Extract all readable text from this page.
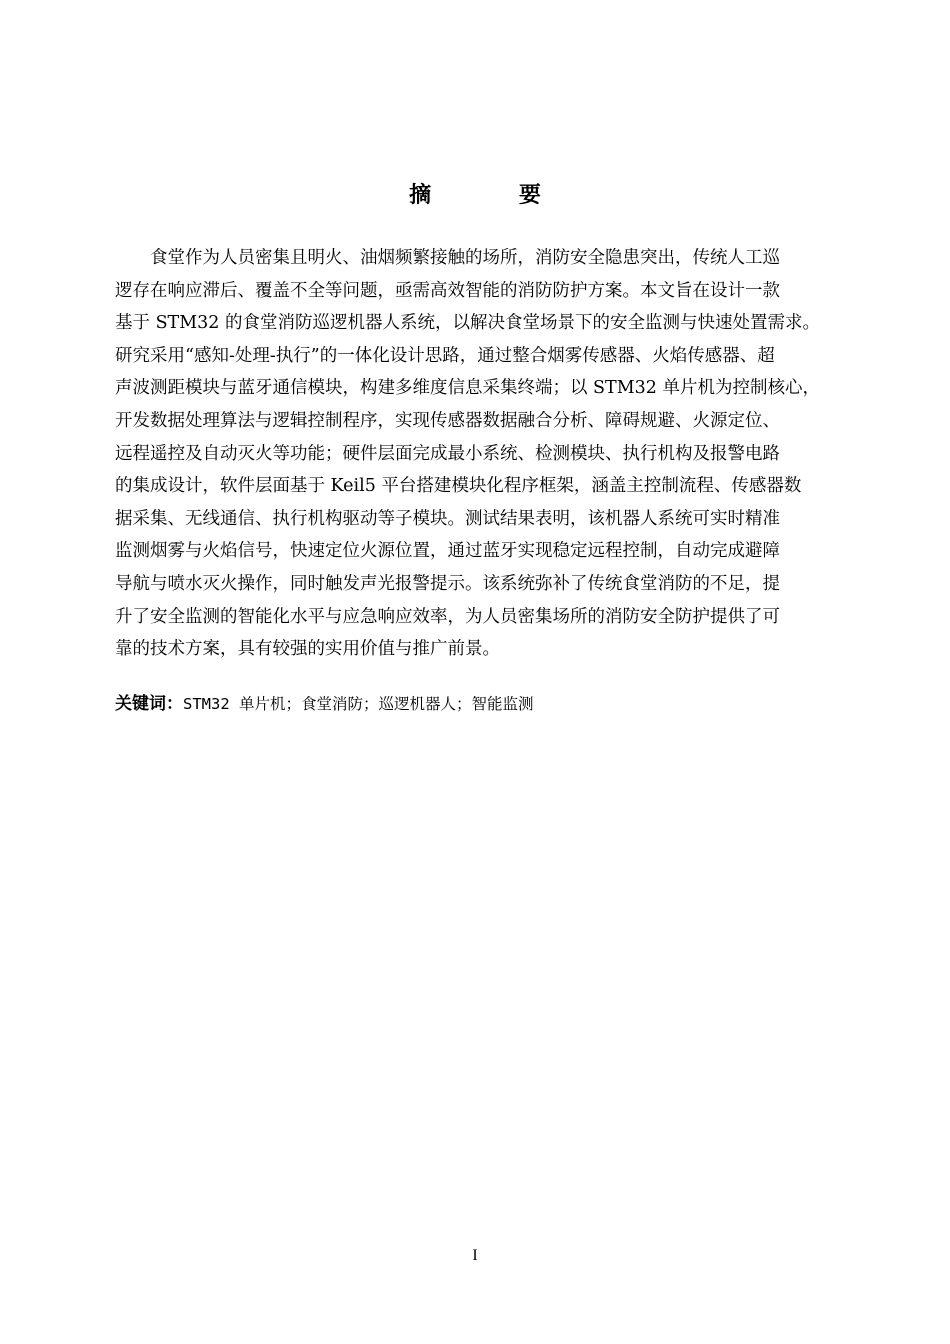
摘 要
食堂作为人员密集且明火、油烟频繁接触的场所，消防安全隐患突出，传统人工巡
逻存在响应滞后、覆盖不全等问题，亟需高效智能的消防防护方案。本文旨在设计一款
基于 STM32 的食堂消防巡逻机器人系统，以解决食堂场景下的安全监测与快速处置需求。
研究采用“感知-处理-执行”的一体化设计思路，通过整合烟雾传感器、火焰传感器、超
声波测距模块与蓝牙通信模块，构建多维度信息采集终端；以 STM32 单片机为控制核心，
开发数据处理算法与逻辑控制程序，实现传感器数据融合分析、障碍规避、火源定位、
远程遥控及自动灭火等功能；硬件层面完成最小系统、检测模块、执行机构及报警电路
的集成设计，软件层面基于 Keil5 平台搭建模块化程序框架，涵盖主控制流程、传感器数
据采集、无线通信、执行机构驱动等子模块。测试结果表明，该机器人系统可实时精准
监测烟雾与火焰信号，快速定位火源位置，通过蓝牙实现稳定远程控制，自动完成避障
导航与喷水灭火操作，同时触发声光报警提示。该系统弥补了传统食堂消防的不足，提
升了安全监测的智能化水平与应急响应效率，为人员密集场所的消防安全防护提供了可
靠的技术方案，具有较强的实用价值与推广前景。
关键词：STM32 单片机；食堂消防；巡逻机器人；智能监测
I
